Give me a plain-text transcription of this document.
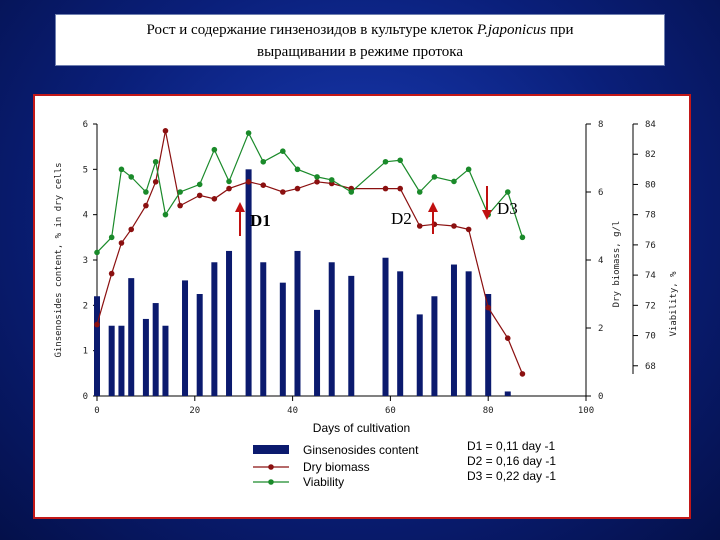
Рост и содержание гинзенозидов в культуре клеток P.japonicus при
выращивании в режиме протока
0
1
2
3
4
5
6
Ginsenosides content, % in dry cells
0	20	40	60	80	100
Days of cultivation
0
2
4
6
8
Dry biomass, g/l
68
70
72
74
76
78
80
82
84
Viability, %
D1	D2
D3
Ginsenosides content
Dry biomass
Viability
D1 = 0,11 day -1
D2 = 0,16 day -1
D3 = 0,22 day -1
